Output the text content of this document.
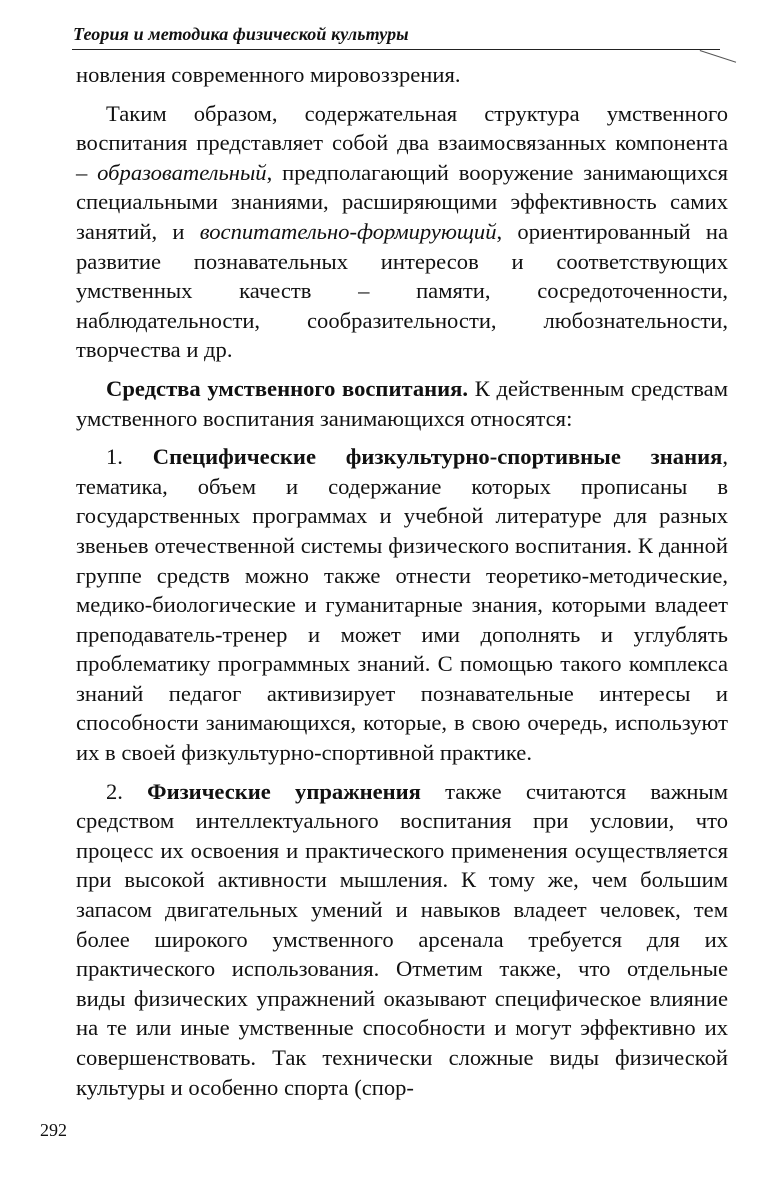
Теория и методика физической культуры

новления современного мировоззрения.

Таким образом, содержательная структура умственного воспитания представляет собой два взаимосвязанных компонента – образовательный, предполагающий вооружение занимающихся специальными знаниями, расширяющими эффективность самих занятий, и воспитательно-формирующий, ориентированный на развитие познавательных интересов и соответствующих умственных качеств – памяти, сосредоточенности, наблюдательности, сообразительности, любознательности, творчества и др.

Средства умственного воспитания. К действенным средствам умственного воспитания занимающихся относятся:

1. Специфические физкультурно-спортивные знания, тематика, объем и содержание которых прописаны в государственных программах и учебной литературе для разных звеньев отечественной системы физического воспитания. К данной группе средств можно также отнести теоретико-методические, медико-биологические и гуманитарные знания, которыми владеет преподаватель-тренер и может ими дополнять и углублять проблематику программных знаний. С помощью такого комплекса знаний педагог активизирует познавательные интересы и способности занимающихся, которые, в свою очередь, используют их в своей физкультурно-спортивной практике.

2. Физические упражнения также считаются важным средством интеллектуального воспитания при условии, что процесс их освоения и практического применения осуществляется при высокой активности мышления. К тому же, чем большим запасом двигательных умений и навыков владеет человек, тем более широкого умственного арсенала требуется для их практического использования. Отметим также, что отдельные виды физических упражнений оказывают специфическое влияние на те или иные умственные способности и могут эффективно их совершенствовать. Так технически сложные виды физической культуры и особенно спорта (спор-

292
